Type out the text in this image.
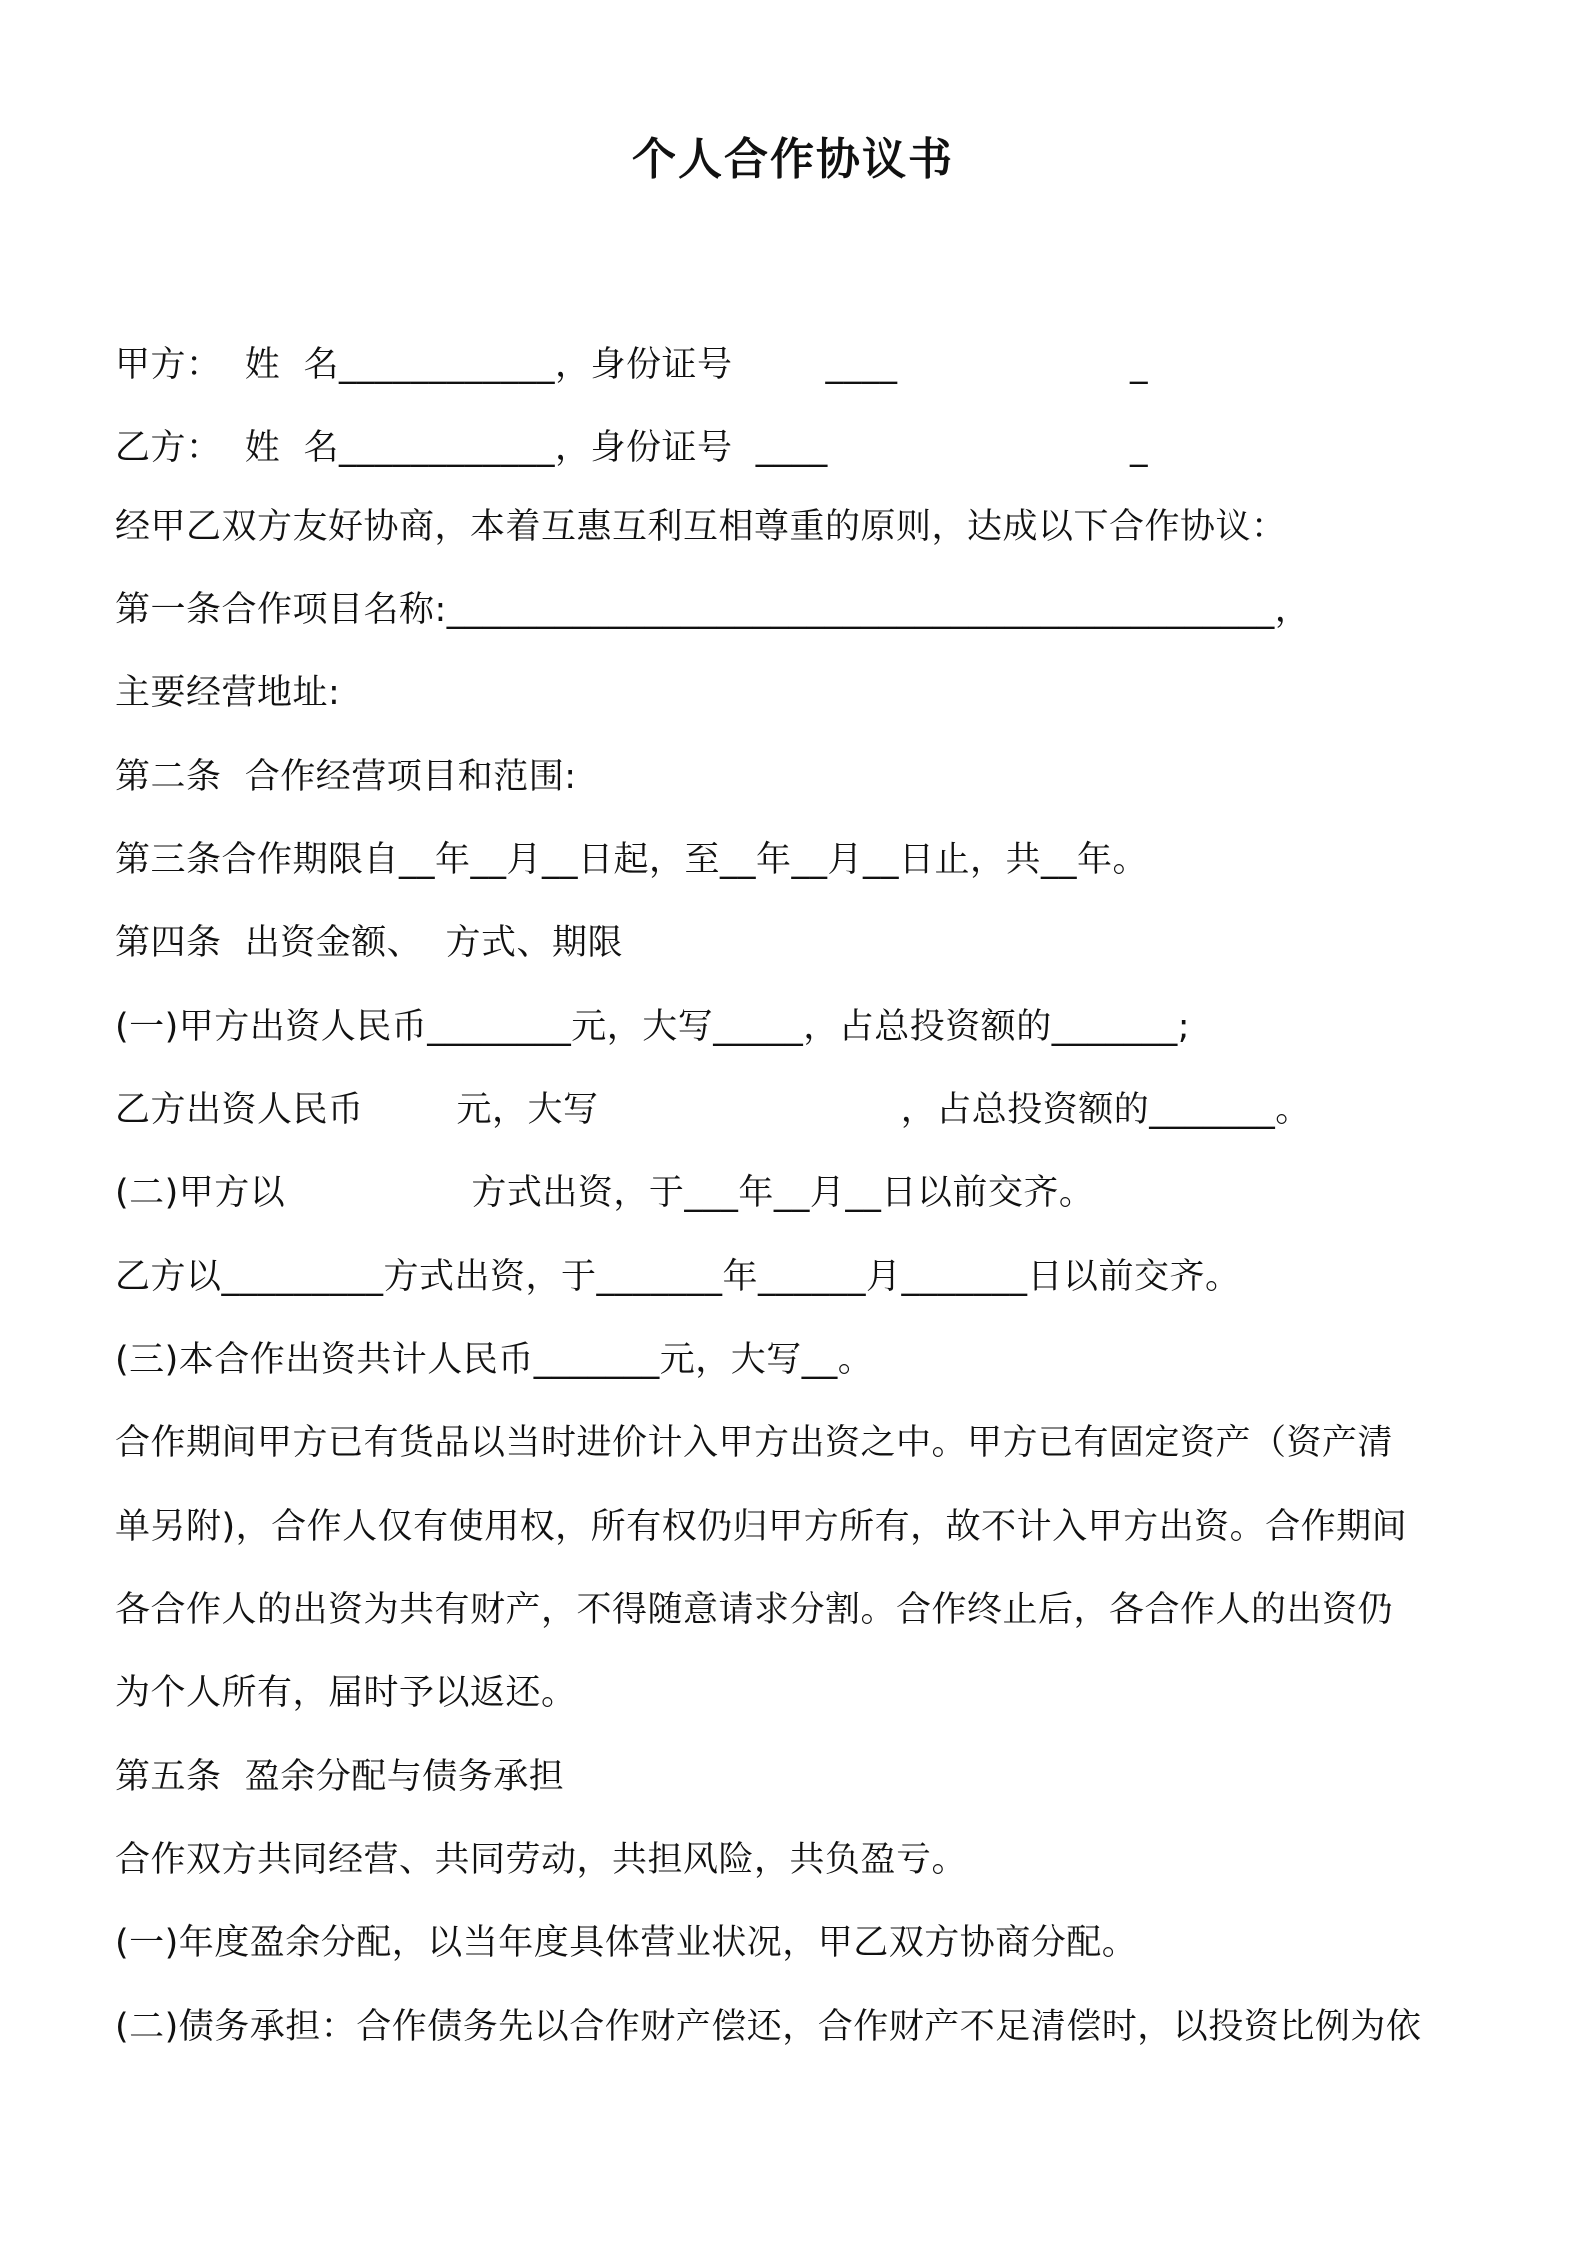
个人合作协议书
甲方：  姓  名____________，身份证号        ____                    _
乙方：  姓  名____________，身份证号  ____                          _
经甲乙双方友好协商，本着互惠互利互相尊重的原则，达成以下合作协议：
第一条合作项目名称:______________________________________________，
主要经营地址:
第二条  合作经营项目和范围:
第三条合作期限自__年__月__日起，至__年__月__日止，共__年。
第四条  出资金额、  方式、期限
(一)甲方出资人民币________元，大写_____，占总投资额的_______;
乙方出资人民币        元，大写                          ，占总投资额的_______。
(二)甲方以                方式出资，于___年__月__日以前交齐。
乙方以_________方式出资，于_______年______月_______日以前交齐。
(三)本合作出资共计人民币_______元，大写__。
合作期间甲方已有货品以当时进价计入甲方出资之中。甲方已有固定资产（资产清
单另附)，合作人仅有使用权，所有权仍归甲方所有，故不计入甲方出资。合作期间
各合作人的出资为共有财产，不得随意请求分割。合作终止后，各合作人的出资仍
为个人所有，届时予以返还。
第五条  盈余分配与债务承担
合作双方共同经营、共同劳动，共担风险，共负盈亏。
(一)年度盈余分配，以当年度具体营业状况，甲乙双方协商分配。
(二)债务承担：合作债务先以合作财产偿还，合作财产不足清偿时，以投资比例为依
